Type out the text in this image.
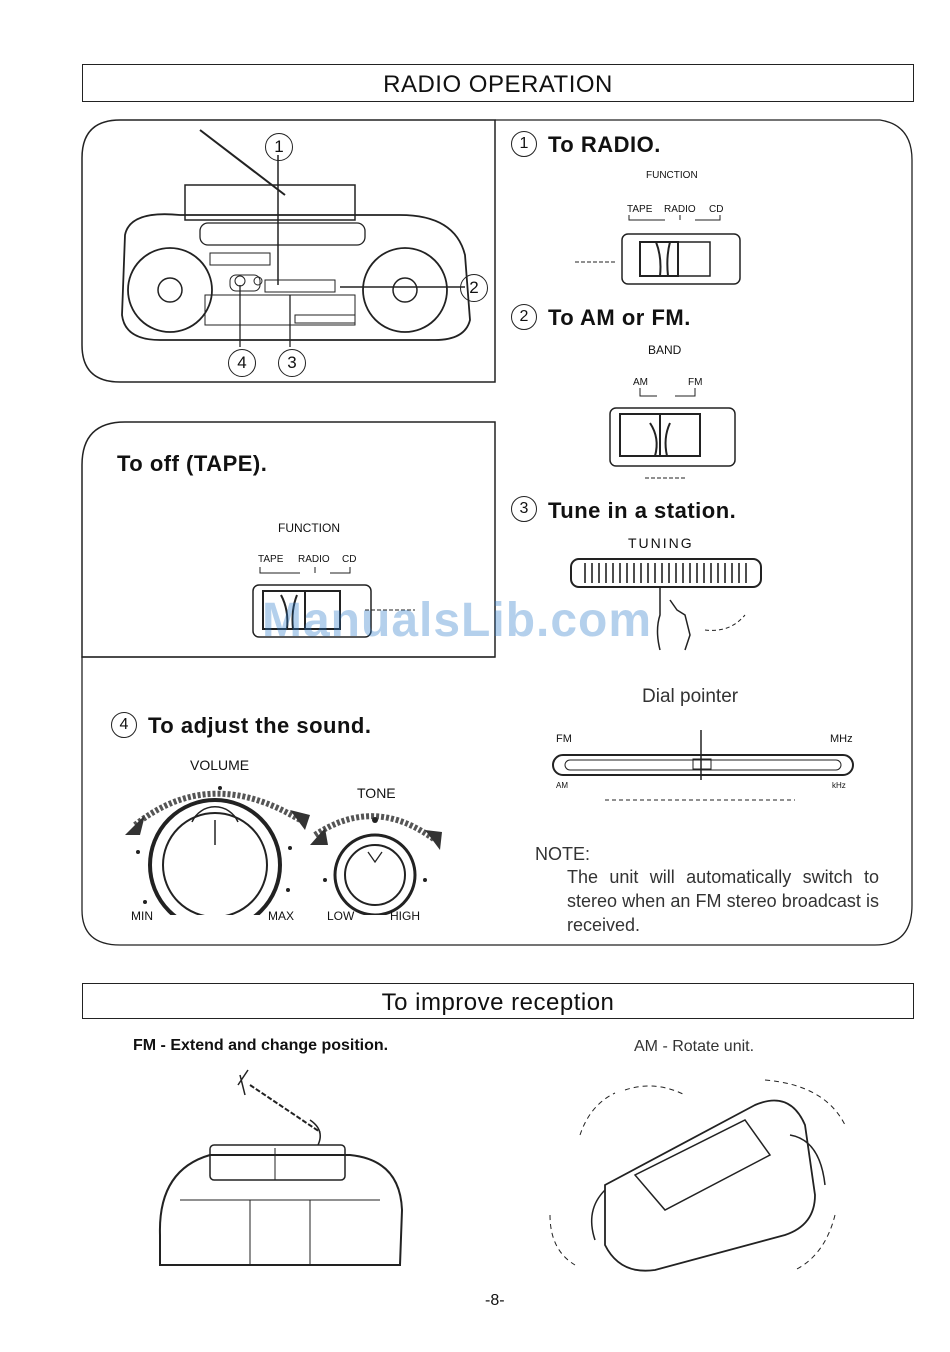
RADIO OPERATION
1
2
4	3
1 To RADIO.
FUNCTION
TAPE RADIO CD
2 To AM or FM.
BAND
AM	FM
3 Tune in a station.
TUNING
To off (TAPE).
FUNCTION
TAPE RADIO CD
4 To adjust the sound.
VOLUME
TONE
MIN	MAX	LOW	HIGH
Dial pointer
FM	MHz
AM	kHz
NOTE:
The unit will automatically switch to stereo when an FM stereo broadcast is received.
ManualsLib.com
To improve reception
FM - Extend and change position.	AM - Rotate unit.
-8-
